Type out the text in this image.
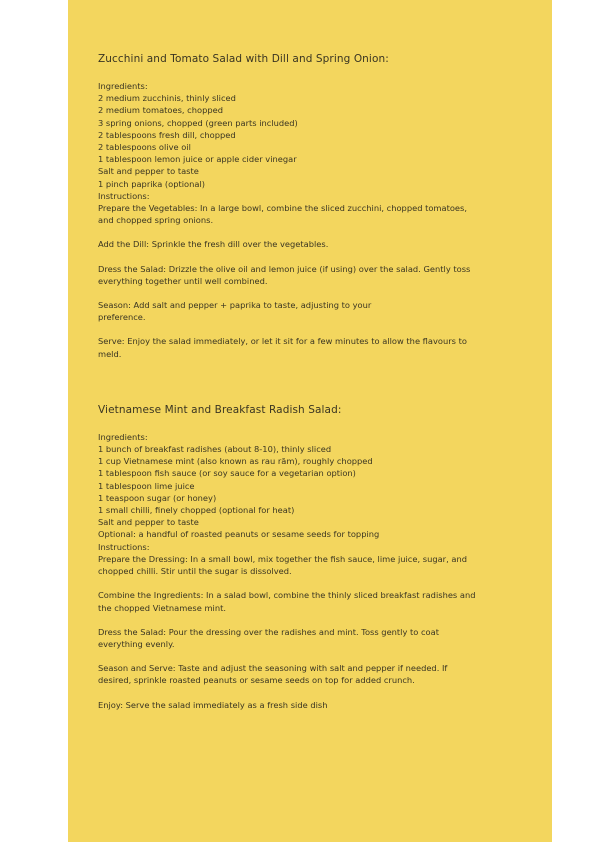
Zucchini and Tomato Salad with Dill and Spring Onion:
Ingredients:
2 medium zucchinis, thinly sliced
2 medium tomatoes, chopped
3 spring onions, chopped (green parts included)
2 tablespoons fresh dill, chopped
2 tablespoons olive oil
1 tablespoon lemon juice or apple cider vinegar
Salt and pepper to taste
1 pinch paprika (optional)
Instructions:
Prepare the Vegetables: In a large bowl, combine the sliced zucchini, chopped tomatoes,
and chopped spring onions.
Add the Dill: Sprinkle the fresh dill over the vegetables.
Dress the Salad: Drizzle the olive oil and lemon juice (if using) over the salad. Gently toss
everything together until well combined.
Season: Add salt and pepper + paprika to taste, adjusting to your
preference.
Serve: Enjoy the salad immediately, or let it sit for a few minutes to allow the flavours to
meld.
Vietnamese Mint and Breakfast Radish Salad:
Ingredients:
1 bunch of breakfast radishes (about 8-10), thinly sliced
1 cup Vietnamese mint (also known as rau răm), roughly chopped
1 tablespoon fish sauce (or soy sauce for a vegetarian option)
1 tablespoon lime juice
1 teaspoon sugar (or honey)
1 small chilli, finely chopped (optional for heat)
Salt and pepper to taste
Optional: a handful of roasted peanuts or sesame seeds for topping
Instructions:
Prepare the Dressing: In a small bowl, mix together the fish sauce, lime juice, sugar, and
chopped chilli. Stir until the sugar is dissolved.
Combine the Ingredients: In a salad bowl, combine the thinly sliced breakfast radishes and
the chopped Vietnamese mint.
Dress the Salad: Pour the dressing over the radishes and mint. Toss gently to coat
everything evenly.
Season and Serve: Taste and adjust the seasoning with salt and pepper if needed. If
desired, sprinkle roasted peanuts or sesame seeds on top for added crunch.
Enjoy: Serve the salad immediately as a fresh side dish
